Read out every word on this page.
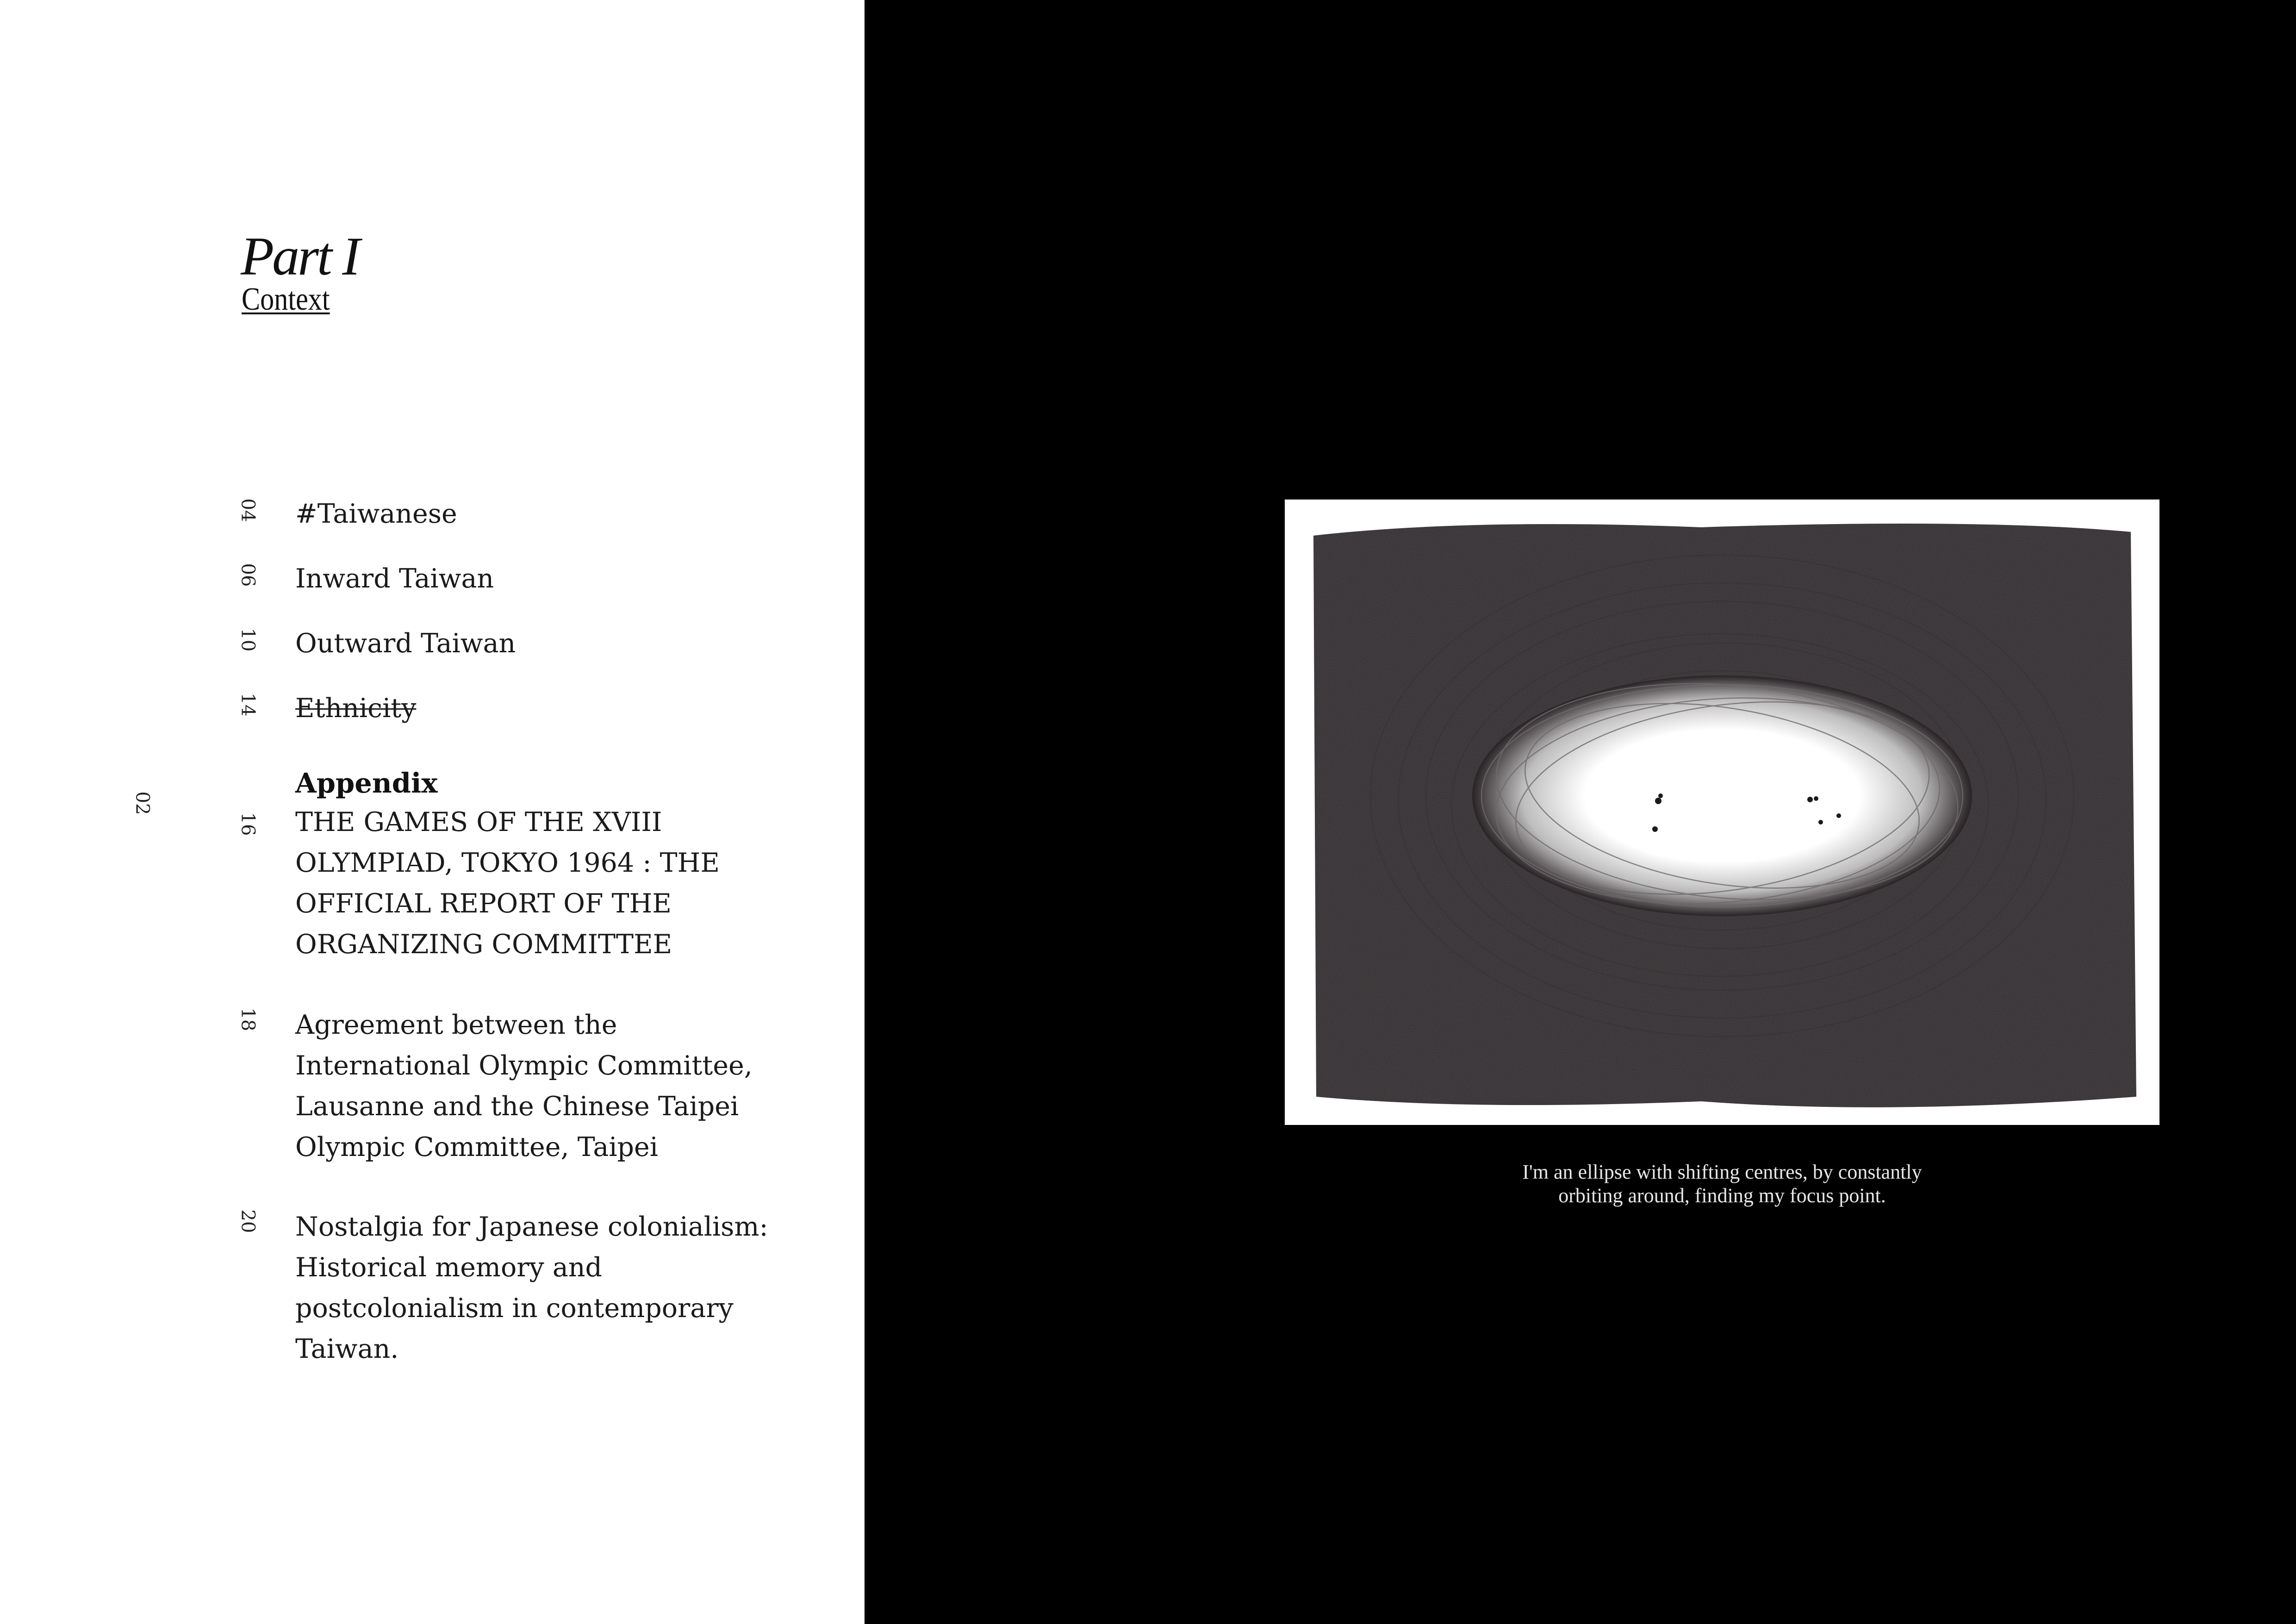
Part I
Context
02
04 #Taiwanese
06 Inward Taiwan
10 Outward Taiwan
14 Ethnicity
Appendix
16 THE GAMES OF THE XVIII
OLYMPIAD, TOKYO 1964 : THE
OFFICIAL REPORT OF THE
ORGANIZING COMMITTEE
18 Agreement between the
International Olympic Committee,
Lausanne and the Chinese Taipei
Olympic Committee, Taipei
20 Nostalgia for Japanese colonialism:
Historical memory and
postcolonialism in contemporary
Taiwan.
I'm an ellipse with shifting centres, by constantly
orbiting around, finding my focus point.
